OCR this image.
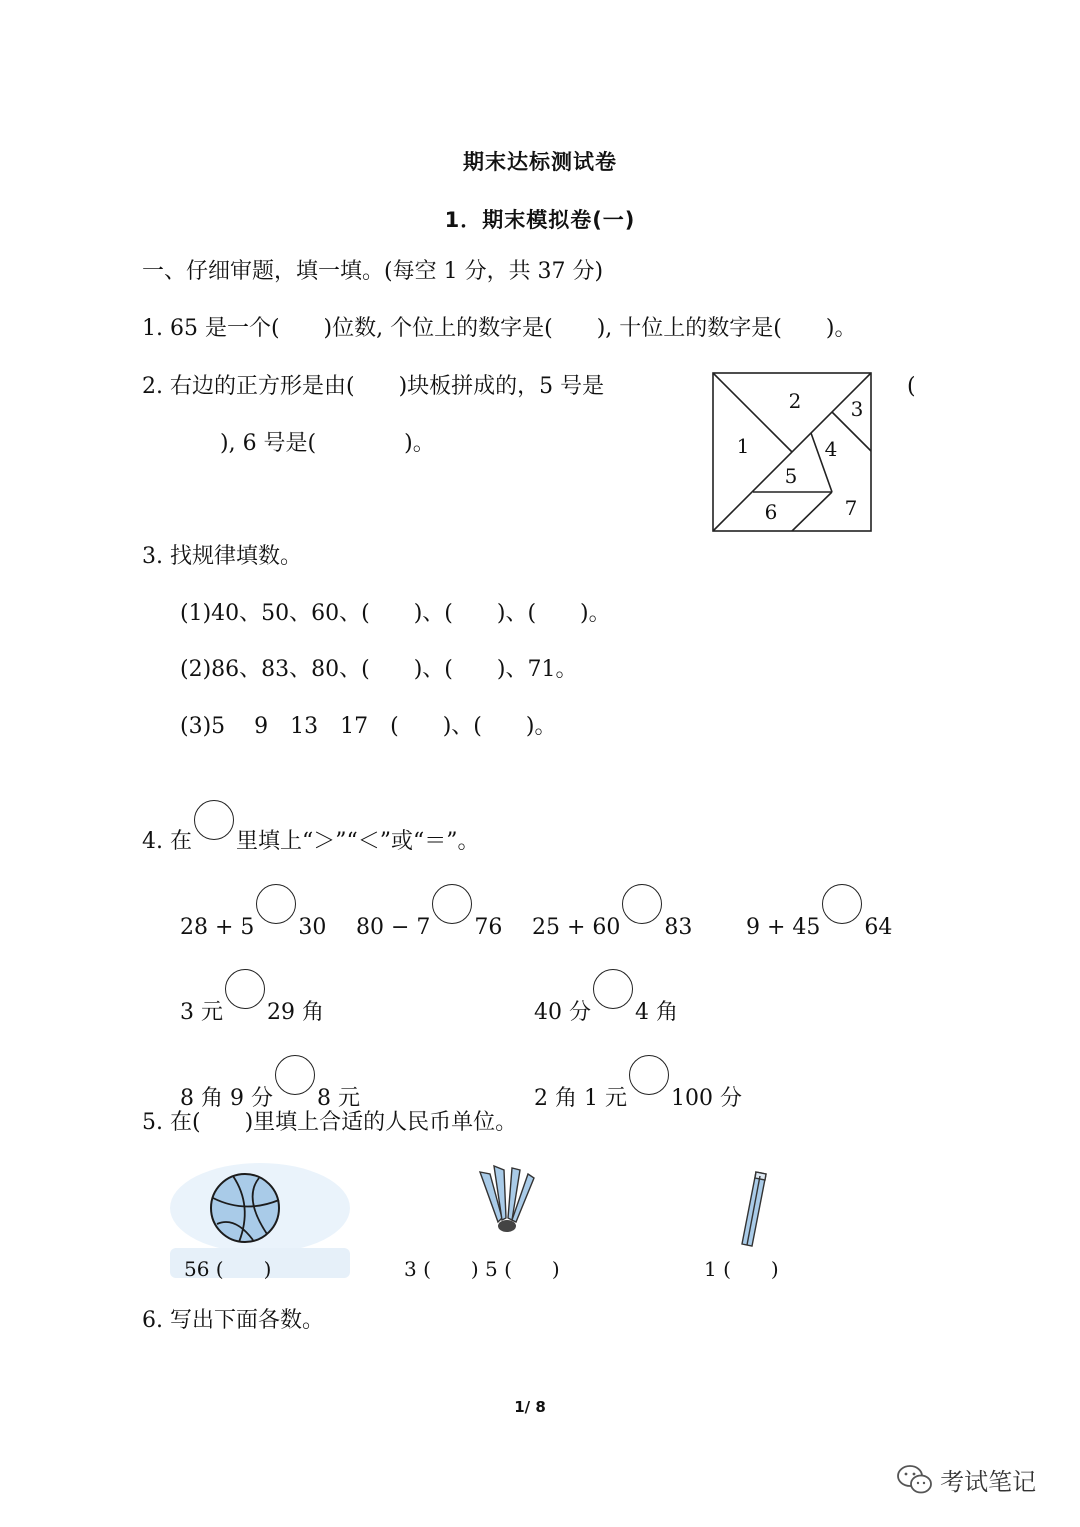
期末达标测试卷
1．期末模拟卷(一)
一、仔细审题，填一填。(每空 1 分，共 37 分)
1. 65 是一个(　　)位数, 个位上的数字是(　　), 十位上的数字是(　　)。
2. 右边的正方形是由(　　)块板拼成的，5 号是	(
), 6 号是(　　　　)。	1
2 3
4
5
6	7
3. 找规律填数。
(1)40、50、60、(　　)、(　　)、(　　)。
(2)86、83、80、(　　)、(　　)、71。
(3)5　 9　13　17　(　　)、(　　)。
4. 在 里填上“＞”“＜”或“＝”。
28 + 5 30 80 − 7 76 25 + 60 83 9 + 45 64
3 元 29 角	40 分 4 角
8 角 9 分 8 元	2 角 1 元 100 分
5. 在(　　)里填上合适的人民币单位。
56 (　　)	3 (　　) 5 (　　)	1 (　　)
6. 写出下面各数。
1/ 8
考试笔记
